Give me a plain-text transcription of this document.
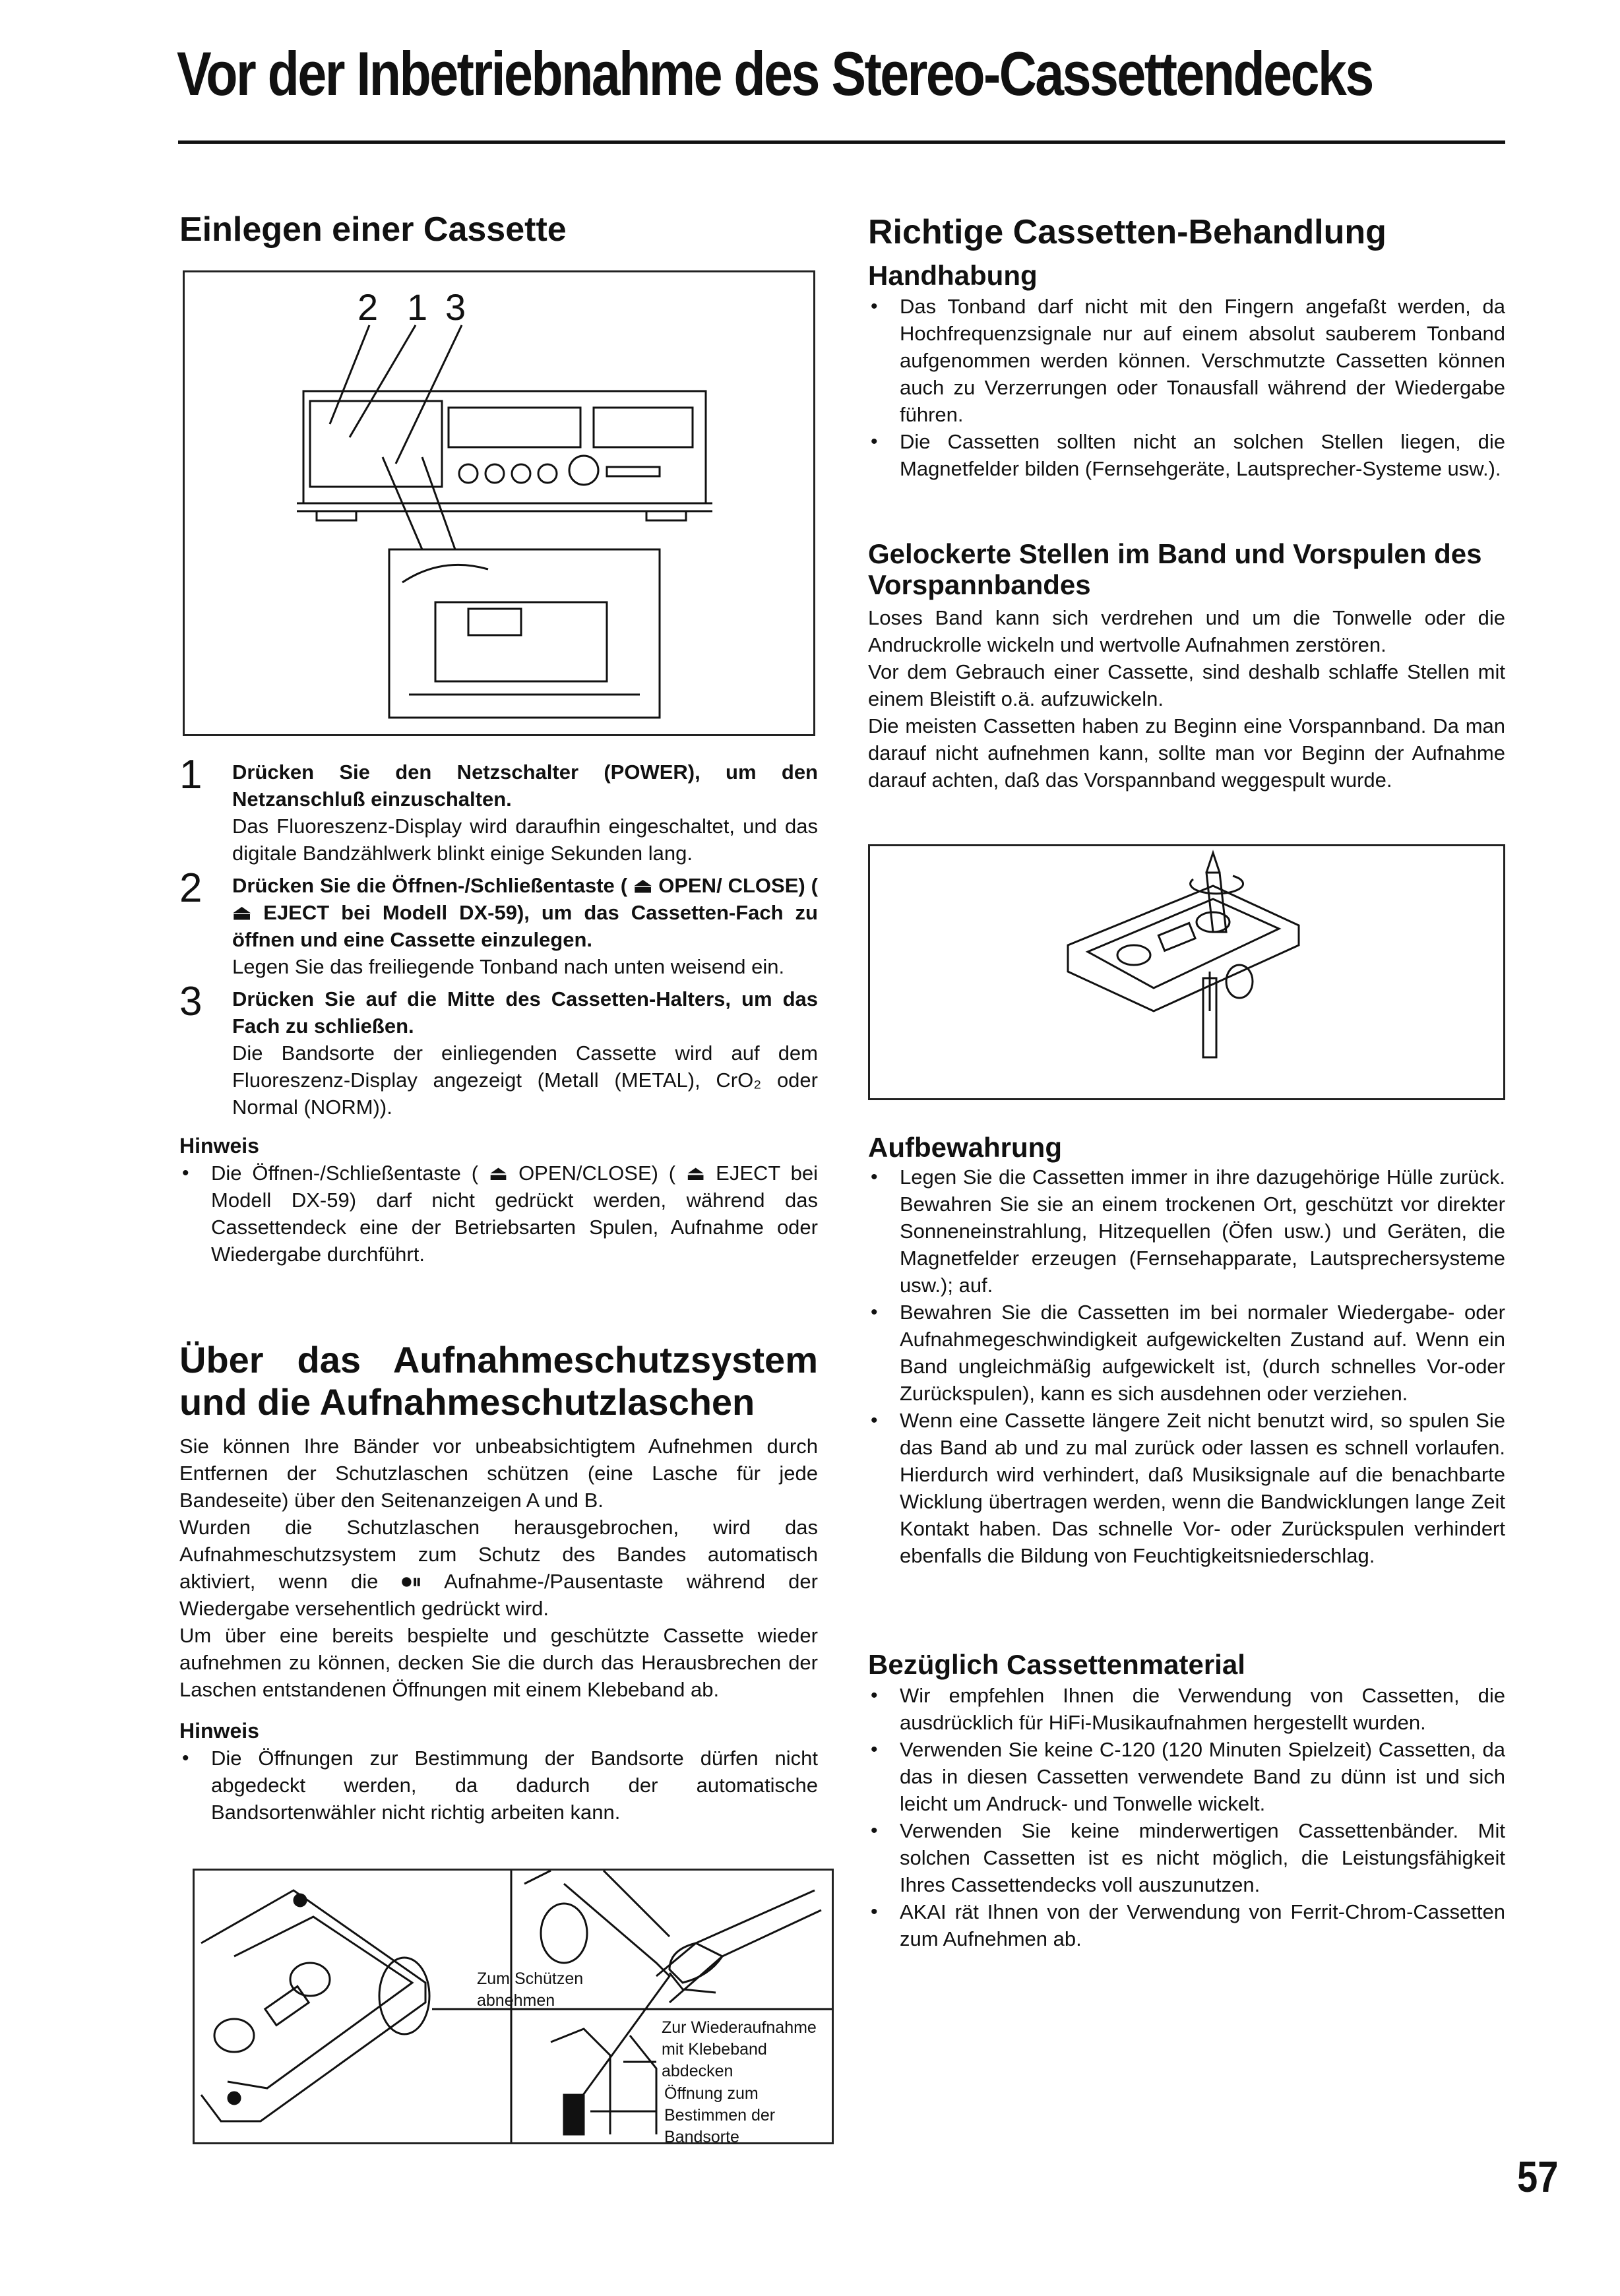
Vor der Inbetriebnahme des Stereo-Cassettendecks
Einlegen einer Cassette
2 1 3
1 Drücken Sie den Netzschalter (POWER), um den Netzanschluß einzuschalten.
Das Fluoreszenz-Display wird daraufhin eingeschaltet, und das digitale Bandzählwerk blinkt einige Sekunden lang.
2 Drücken Sie die Öffnen-/Schließentaste ( ⏏ OPEN/ CLOSE) ( ⏏ EJECT bei Modell DX-59), um das Cassetten-Fach zu öffnen und eine Cassette einzulegen.
Legen Sie das freiliegende Tonband nach unten weisend ein.
3 Drücken Sie auf die Mitte des Cassetten-Halters, um das Fach zu schließen.
Die Bandsorte der einliegenden Cassette wird auf dem Fluoreszenz-Display angezeigt (Metall (METAL), CrO₂ oder Normal (NORM)).
Hinweis
• Die Öffnen-/Schließentaste ( ⏏ OPEN/CLOSE) ( ⏏ EJECT bei Modell DX-59) darf nicht gedrückt werden, während das Cassettendeck eine der Betriebsarten Spulen, Aufnahme oder Wiedergabe durchführt.
Über das Aufnahmeschutzsystem
und die Aufnahmeschutzlaschen
Sie können Ihre Bänder vor unbeabsichtigtem Aufnehmen durch Entfernen der Schutzlaschen schützen (eine Lasche für jede Bandeseite) über den Seitenanzeigen A und B.
Wurden die Schutzlaschen herausgebrochen, wird das Aufnahmeschutzsystem zum Schutz des Bandes automatisch aktiviert, wenn die ⏺⏸ Aufnahme-/Pausentaste während der Wiedergabe versehentlich gedrückt wird.
Um über eine bereits bespielte und geschützte Cassette wieder aufnehmen zu können, decken Sie die durch das Herausbrechen der Laschen entstandenen Öffnungen mit einem Klebeband ab.
Hinweis
• Die Öffnungen zur Bestimmung der Bandsorte dürfen nicht abgedeckt werden, da dadurch der automatische Bandsortenwähler nicht richtig arbeiten kann.
Zum Schützen
abnehmen
Zur Wiederaufnahme
mit Klebeband
abdecken
Öffnung zum
Bestimmen der
Bandsorte
Richtige Cassetten-Behandlung
Handhabung
• Das Tonband darf nicht mit den Fingern angefaßt werden, da Hochfrequenzsignale nur auf einem absolut sauberem Tonband aufgenommen werden können. Verschmutzte Cassetten können auch zu Verzerrungen oder Tonausfall während der Wiedergabe führen.
• Die Cassetten sollten nicht an solchen Stellen liegen, die Magnetfelder bilden (Fernsehgeräte, Lautsprecher-Systeme usw.).
Gelockerte Stellen im Band und Vorspulen des Vorspannbandes
Loses Band kann sich verdrehen und um die Tonwelle oder die Andruckrolle wickeln und wertvolle Aufnahmen zerstören.
Vor dem Gebrauch einer Cassette, sind deshalb schlaffe Stellen mit einem Bleistift o.ä. aufzuwickeln.
Die meisten Cassetten haben zu Beginn eine Vorspannband. Da man darauf nicht aufnehmen kann, sollte man vor Beginn der Aufnahme darauf achten, daß das Vorspannband weggespult wurde.
Aufbewahrung
• Legen Sie die Cassetten immer in ihre dazugehörige Hülle zurück. Bewahren Sie sie an einem trockenen Ort, geschützt vor direkter Sonneneinstrahlung, Hitzequellen (Öfen usw.) und Geräten, die Magnetfelder erzeugen (Fernsehapparate, Lautsprechersysteme usw.); auf.
• Bewahren Sie die Cassetten im bei normaler Wiedergabe- oder Aufnahmegeschwindigkeit aufgewickelten Zustand auf. Wenn ein Band ungleichmäßig aufgewickelt ist, (durch schnelles Vor-oder Zurückspulen), kann es sich ausdehnen oder verziehen.
• Wenn eine Cassette längere Zeit nicht benutzt wird, so spulen Sie das Band ab und zu mal zurück oder lassen es schnell vorlaufen. Hierdurch wird verhindert, daß Musiksignale auf die benachbarte Wicklung übertragen werden, wenn die Bandwicklungen lange Zeit Kontakt haben. Das schnelle Vor- oder Zurückspulen verhindert ebenfalls die Bildung von Feuchtigkeitsniederschlag.
Bezüglich Cassettenmaterial
• Wir empfehlen Ihnen die Verwendung von Cassetten, die ausdrücklich für HiFi-Musikaufnahmen hergestellt wurden.
• Verwenden Sie keine C-120 (120 Minuten Spielzeit) Cassetten, da das in diesen Cassetten verwendete Band zu dünn ist und sich leicht um Andruck- und Tonwelle wickelt.
• Verwenden Sie keine minderwertigen Cassettenbänder. Mit solchen Cassetten ist es nicht möglich, die Leistungsfähigkeit Ihres Cassettendecks voll auszunutzen.
• AKAI rät Ihnen von der Verwendung von Ferrit-Chrom-Cassetten zum Aufnehmen ab.
57
